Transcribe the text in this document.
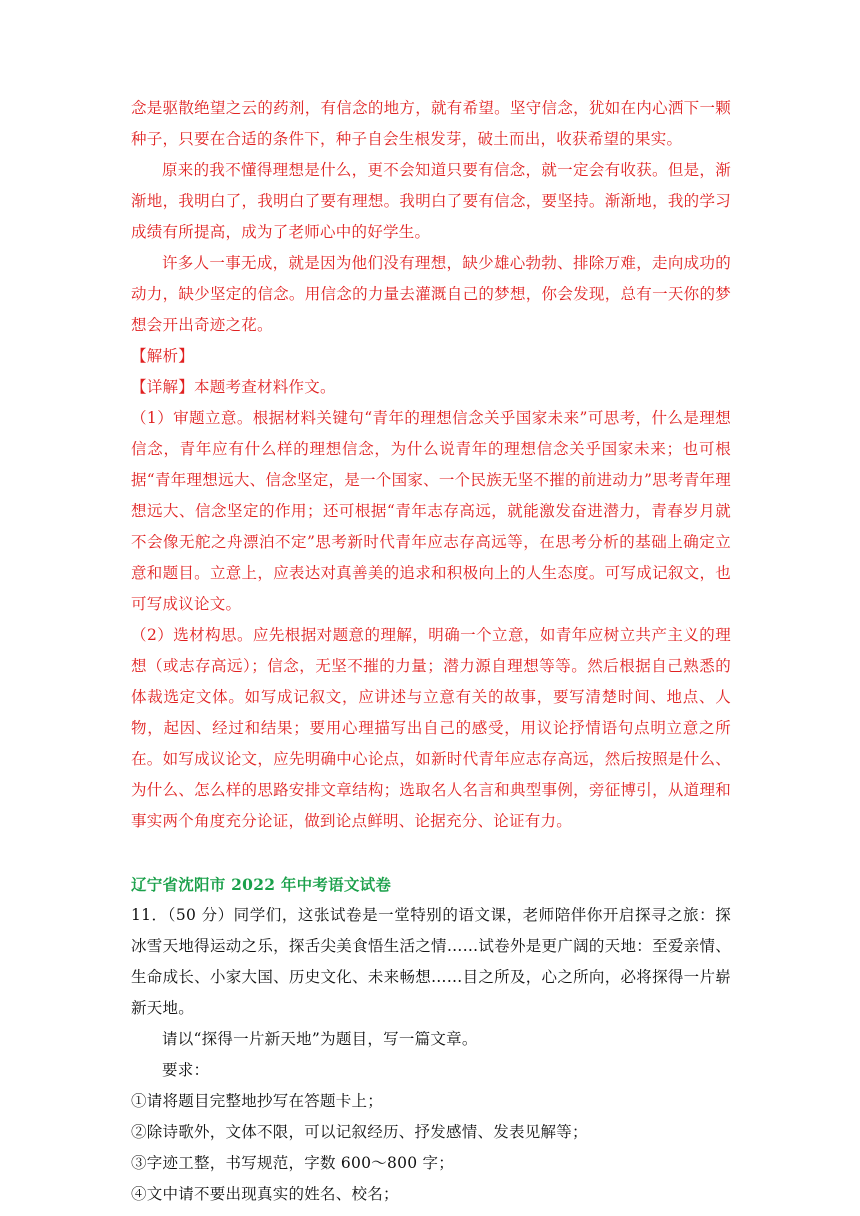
念是驱散绝望之云的药剂，有信念的地方，就有希望。坚守信念，犹如在内心洒下一颗种子，只要在合适的条件下，种子自会生根发芽，破土而出，收获希望的果实。

原来的我不懂得理想是什么，更不会知道只要有信念，就一定会有收获。但是，渐渐地，我明白了，我明白了要有理想。我明白了要有信念，要坚持。渐渐地，我的学习成绩有所提高，成为了老师心中的好学生。

许多人一事无成，就是因为他们没有理想，缺少雄心勃勃、排除万难，走向成功的动力，缺少坚定的信念。用信念的力量去灌溉自己的梦想，你会发现，总有一天你的梦想会开出奇迹之花。

【解析】

【详解】本题考查材料作文。

（1）审题立意。根据材料关键句“青年的理想信念关乎国家未来”可思考，什么是理想信念，青年应有什么样的理想信念，为什么说青年的理想信念关乎国家未来；也可根据“青年理想远大、信念坚定，是一个国家、一个民族无坚不摧的前进动力”思考青年理想远大、信念坚定的作用；还可根据“青年志存高远，就能激发奋进潜力，青春岁月就不会像无舵之舟漂泊不定”思考新时代青年应志存高远等，在思考分析的基础上确定立意和题目。立意上，应表达对真善美的追求和积极向上的人生态度。可写成记叙文，也可写成议论文。

（2）选材构思。应先根据对题意的理解，明确一个立意，如青年应树立共产主义的理想（或志存高远）；信念，无坚不摧的力量；潜力源自理想等等。然后根据自己熟悉的体裁选定文体。如写成记叙文，应讲述与立意有关的故事，要写清楚时间、地点、人物，起因、经过和结果；要用心理描写出自己的感受，用议论抒情语句点明立意之所在。如写成议论文，应先明确中心论点，如新时代青年应志存高远，然后按照是什么、为什么、怎么样的思路安排文章结构；选取名人名言和典型事例，旁征博引，从道理和事实两个角度充分论证，做到论点鲜明、论据充分、论证有力。

辽宁省沈阳市 2022 年中考语文试卷

11．（50 分）同学们，这张试卷是一堂特别的语文课，老师陪伴你开启探寻之旅：探冰雪天地得运动之乐，探舌尖美食悟生活之情……试卷外是更广阔的天地：至爱亲情、生命成长、小家大国、历史文化、未来畅想……目之所及，心之所向，必将探得一片崭新天地。

请以“探得一片新天地”为题目，写一篇文章。

要求：

①请将题目完整地抄写在答题卡上；

②除诗歌外，文体不限，可以记叙经历、抒发感情、发表见解等；

③字迹工整，书写规范，字数 600～800 字；

④文中请不要出现真实的姓名、校名；
